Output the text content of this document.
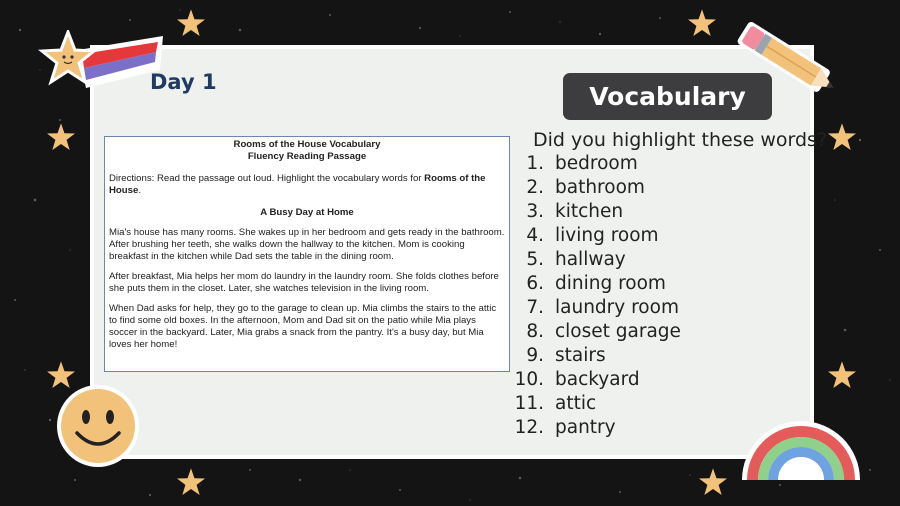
Day 1	Vocabulary
Rooms of the House Vocabulary
Fluency Reading Passage

Directions: Read the passage out loud. Highlight the vocabulary words for Rooms of the House.

A Busy Day at Home

Mia's house has many rooms. She wakes up in her bedroom and gets ready in the bathroom. After brushing her teeth, she walks down the hallway to the kitchen. Mom is cooking breakfast in the kitchen while Dad sets the table in the dining room.

After breakfast, Mia helps her mom do laundry in the laundry room. She folds clothes before she puts them in the closet. Later, she watches television in the living room.

When Dad asks for help, they go to the garage to clean up. Mia climbs the stairs to the attic to find some old boxes. In the afternoon, Mom and Dad sit on the patio while Mia plays soccer in the backyard. Later, Mia grabs a snack from the pantry. It's a busy day, but Mia loves her home!

Did you highlight these words?
1. bedroom
2. bathroom
3. kitchen
4. living room
5. hallway
6. dining room
7. laundry room
8. closet garage
9. stairs
10. backyard
11. attic
12. pantry
